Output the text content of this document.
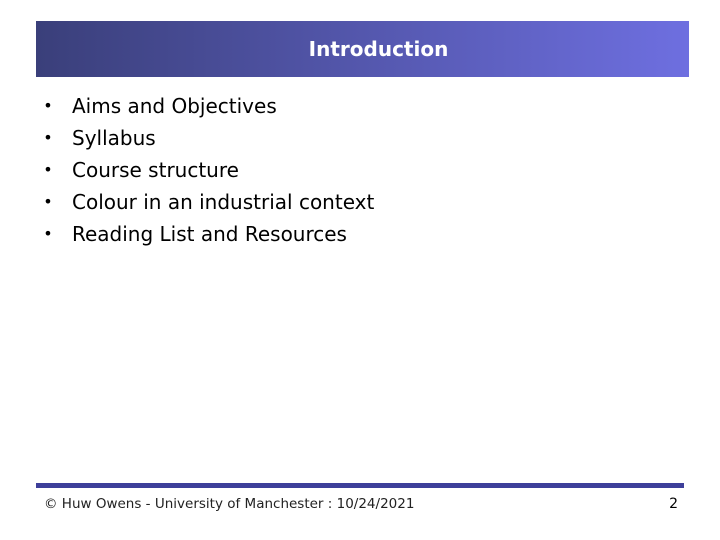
Introduction
• Aims and Objectives
• Syllabus
• Course structure
• Colour in an industrial context
• Reading List and Resources
© Huw Owens - University of Manchester : 10/24/2021	2
